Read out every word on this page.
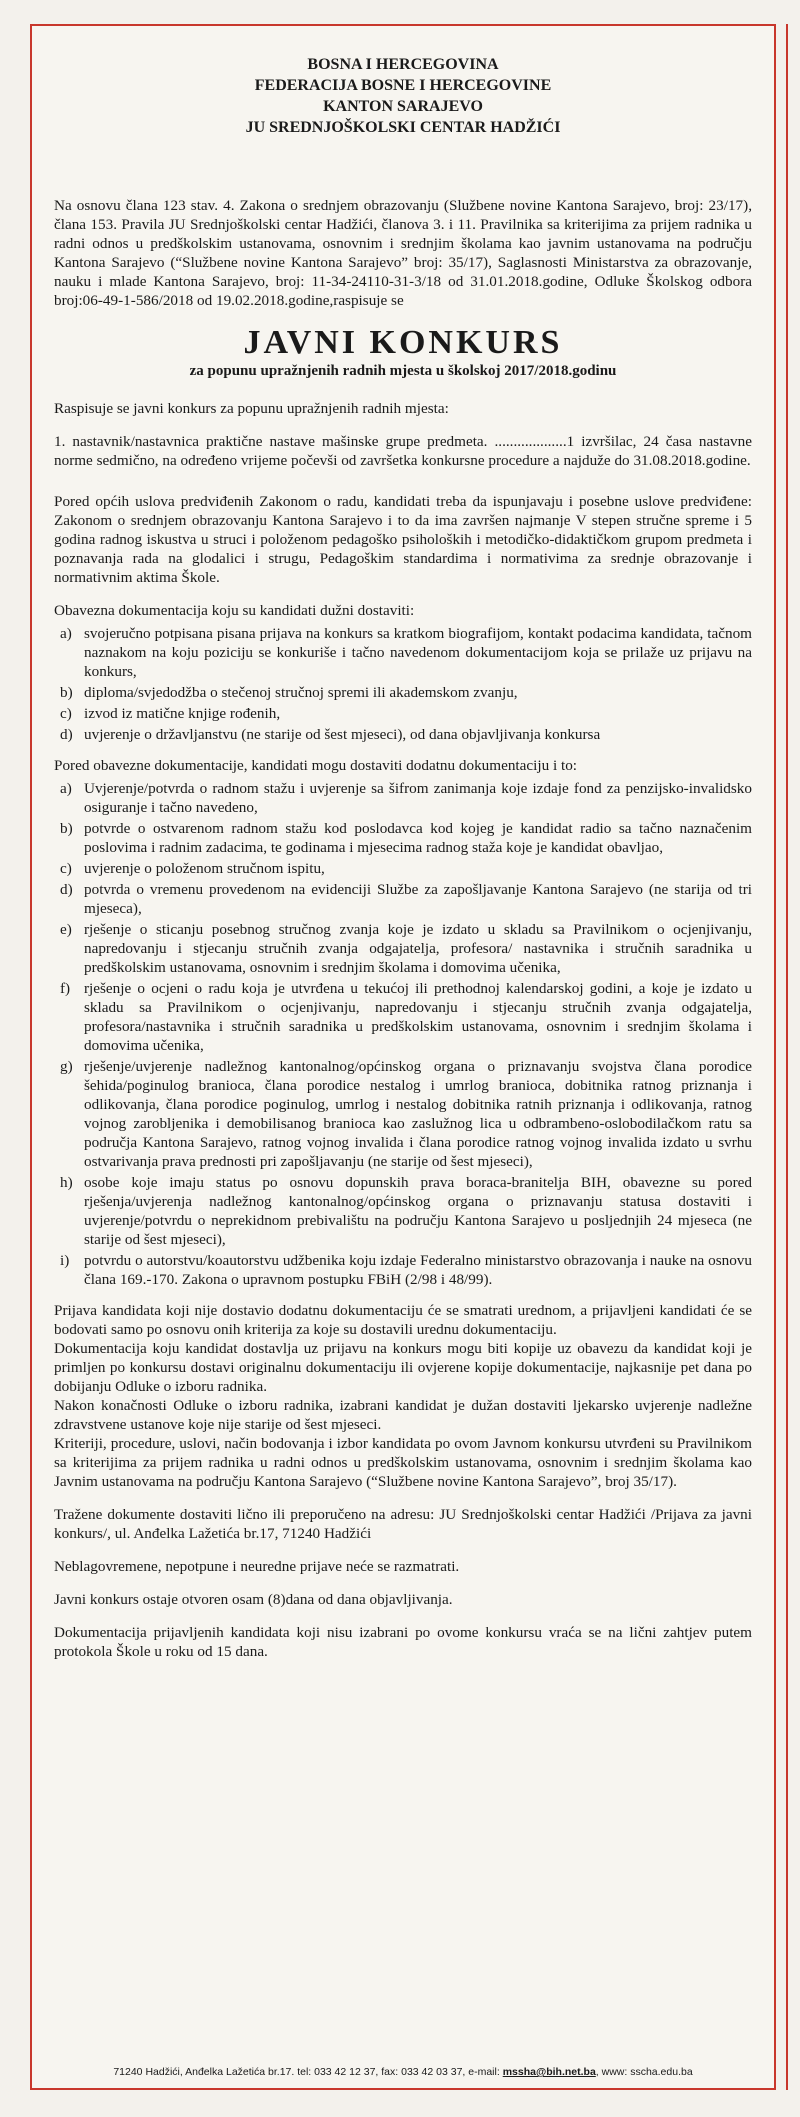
BOSNA I HERCEGOVINA
FEDERACIJA BOSNE I HERCEGOVINE
KANTON SARAJEVO
JU SREDNJOŠKOLSKI CENTAR HADŽIĆI

Na osnovu člana 123 stav. 4. Zakona o srednjem obrazovanju (Službene novine Kantona Sarajevo, broj: 23/17), člana 153. Pravila JU Srednjoškolski centar Hadžići, članova 3. i 11. Pravilnika sa kriterijima za prijem radnika u radni odnos u predškolskim ustanovama, osnovnim i srednjim školama kao javnim ustanovama na području Kantona Sarajevo (“Službene novine Kantona Sarajevo” broj: 35/17), Saglasnosti Ministarstva za obrazovanje, nauku i mlade Kantona Sarajevo, broj: 11-34-24110-31-3/18 od 31.01.2018.godine, Odluke Školskog odbora broj:06-49-1-586/2018 od 19.02.2018.godine,raspisuje se

JAVNI KONKURS
za popunu upražnjenih radnih mjesta u školskoj 2017/2018.godinu

Raspisuje se javni konkurs za popunu upražnjenih radnih mjesta:

1. nastavnik/nastavnica praktične nastave mašinske grupe predmeta. ...................1 izvršilac, 24 časa nastavne norme sedmično, na određeno vrijeme počevši od završetka konkursne procedure a najduže do 31.08.2018.godine.

Pored općih uslova predviđenih Zakonom o radu, kandidati treba da ispunjavaju i posebne uslove predviđene: Zakonom o srednjem obrazovanju Kantona Sarajevo i to da ima završen najmanje V stepen stručne spreme i 5 godina radnog iskustva u struci i položenom pedagoško psiholoških i metodičko-didaktičkom grupom predmeta i poznavanja rada na glodalici i strugu, Pedagoškim standardima i normativima za srednje obrazovanje i normativnim aktima Škole.

Obavezna dokumentacija koju su kandidati dužni dostaviti:

a) svojeručno potpisana pisana prijava na konkurs sa kratkom biografijom, kontakt podacima kandidata, tačnom naznakom na koju poziciju se konkuriše i tačno navedenom dokumentacijom koja se prilaže uz prijavu na konkurs,
b) diploma/svjedodžba o stečenoj stručnoj spremi ili akademskom zvanju,
c) izvod iz matične knjige rođenih,
d) uvjerenje o državljanstvu (ne starije od šest mjeseci), od dana objavljivanja konkursa

Pored obavezne dokumentacije, kandidati mogu dostaviti dodatnu dokumentaciju i to:

a) Uvjerenje/potvrda o radnom stažu i uvjerenje sa šifrom zanimanja koje izdaje fond za penzijsko-invalidsko osiguranje i tačno navedeno,
b) potvrde o ostvarenom radnom stažu kod poslodavca kod kojeg je kandidat radio sa tačno naznačenim poslovima i radnim zadacima, te godinama i mjesecima radnog staža koje je kandidat obavljao,
c) uvjerenje o položenom stručnom ispitu,
d) potvrda o vremenu provedenom na evidenciji Službe za zapošljavanje Kantona Sarajevo (ne starija od tri mjeseca),
e) rješenje o sticanju posebnog stručnog zvanja koje je izdato u skladu sa Pravilnikom o ocjenjivanju, napredovanju i stjecanju stručnih zvanja odgajatelja, profesora/ nastavnika i stručnih saradnika u predškolskim ustanovama, osnovnim i srednjim školama i domovima učenika,
f) rješenje o ocjeni o radu koja je utvrđena u tekućoj ili prethodnoj kalendarskoj godini, a koje je izdato u skladu sa Pravilnikom o ocjenjivanju, napredovanju i stjecanju stručnih zvanja odgajatelja, profesora/nastavnika i stručnih saradnika u predškolskim ustanovama, osnovnim i srednjim školama i domovima učenika,
g) rješenje/uvjerenje nadležnog kantonalnog/općinskog organa o priznavanju svojstva člana porodice šehida/poginulog branioca, člana porodice nestalog i umrlog branioca, dobitnika ratnog priznanja i odlikovanja, člana porodice poginulog, umrlog i nestalog dobitnika ratnih priznanja i odlikovanja, ratnog vojnog zarobljenika i demobilisanog branioca kao zaslužnog lica u odbrambeno-oslobodilačkom ratu sa područja Kantona Sarajevo, ratnog vojnog invalida i člana porodice ratnog vojnog invalida izdato u svrhu ostvarivanja prava prednosti pri zapošljavanju (ne starije od šest mjeseci),
h) osobe koje imaju status po osnovu dopunskih prava boraca-branitelja BIH, obavezne su pored rješenja/uvjerenja nadležnog kantonalnog/općinskog organa o priznavanju statusa dostaviti i uvjerenje/potvrdu o neprekidnom prebivalištu na području Kantona Sarajevo u posljednjih 24 mjeseca (ne starije od šest mjeseci),
i) potvrdu o autorstvu/koautorstvu udžbenika koju izdaje Federalno ministarstvo obrazovanja i nauke na osnovu člana 169.-170. Zakona o upravnom postupku FBiH (2/98 i 48/99).

Prijava kandidata koji nije dostavio dodatnu dokumentaciju će se smatrati urednom, a prijavljeni kandidati će se bodovati samo po osnovu onih kriterija za koje su dostavili urednu dokumentaciju.

Dokumentacija koju kandidat dostavlja uz prijavu na konkurs mogu biti kopije uz obavezu da kandidat koji je primljen po konkursu dostavi originalnu dokumentaciju ili ovjerene kopije dokumentacije, najkasnije pet dana po dobijanju Odluke o izboru radnika.

Nakon konačnosti Odluke o izboru radnika, izabrani kandidat je dužan dostaviti ljekarsko uvjerenje nadležne zdravstvene ustanove koje nije starije od šest mjeseci.

Kriteriji, procedure, uslovi, način bodovanja i izbor kandidata po ovom Javnom konkursu utvrđeni su Pravilnikom sa kriterijima za prijem radnika u radni odnos u predškolskim ustanovama, osnovnim i srednjim školama kao Javnim ustanovama na području Kantona Sarajevo (“Službene novine Kantona Sarajevo”, broj 35/17).

Tražene dokumente dostaviti lično ili preporučeno na adresu: JU Srednjoškolski centar Hadžići /Prijava za javni konkurs/, ul. Anđelka Lažetića br.17, 71240 Hadžići

Neblagovremene, nepotpune i neuredne prijave neće se razmatrati.

Javni konkurs ostaje otvoren osam (8)dana od dana objavljivanja.

Dokumentacija prijavljenih kandidata koji nisu izabrani po ovome konkursu vraća se na lični zahtjev putem protokola Škole u roku od 15 dana.

71240 Hadžići, Anđelka Lažetića br.17. tel: 033 42 12 37, fax: 033 42 03 37, e-mail: mssha@bih.net.ba, www: sscha.edu.ba
